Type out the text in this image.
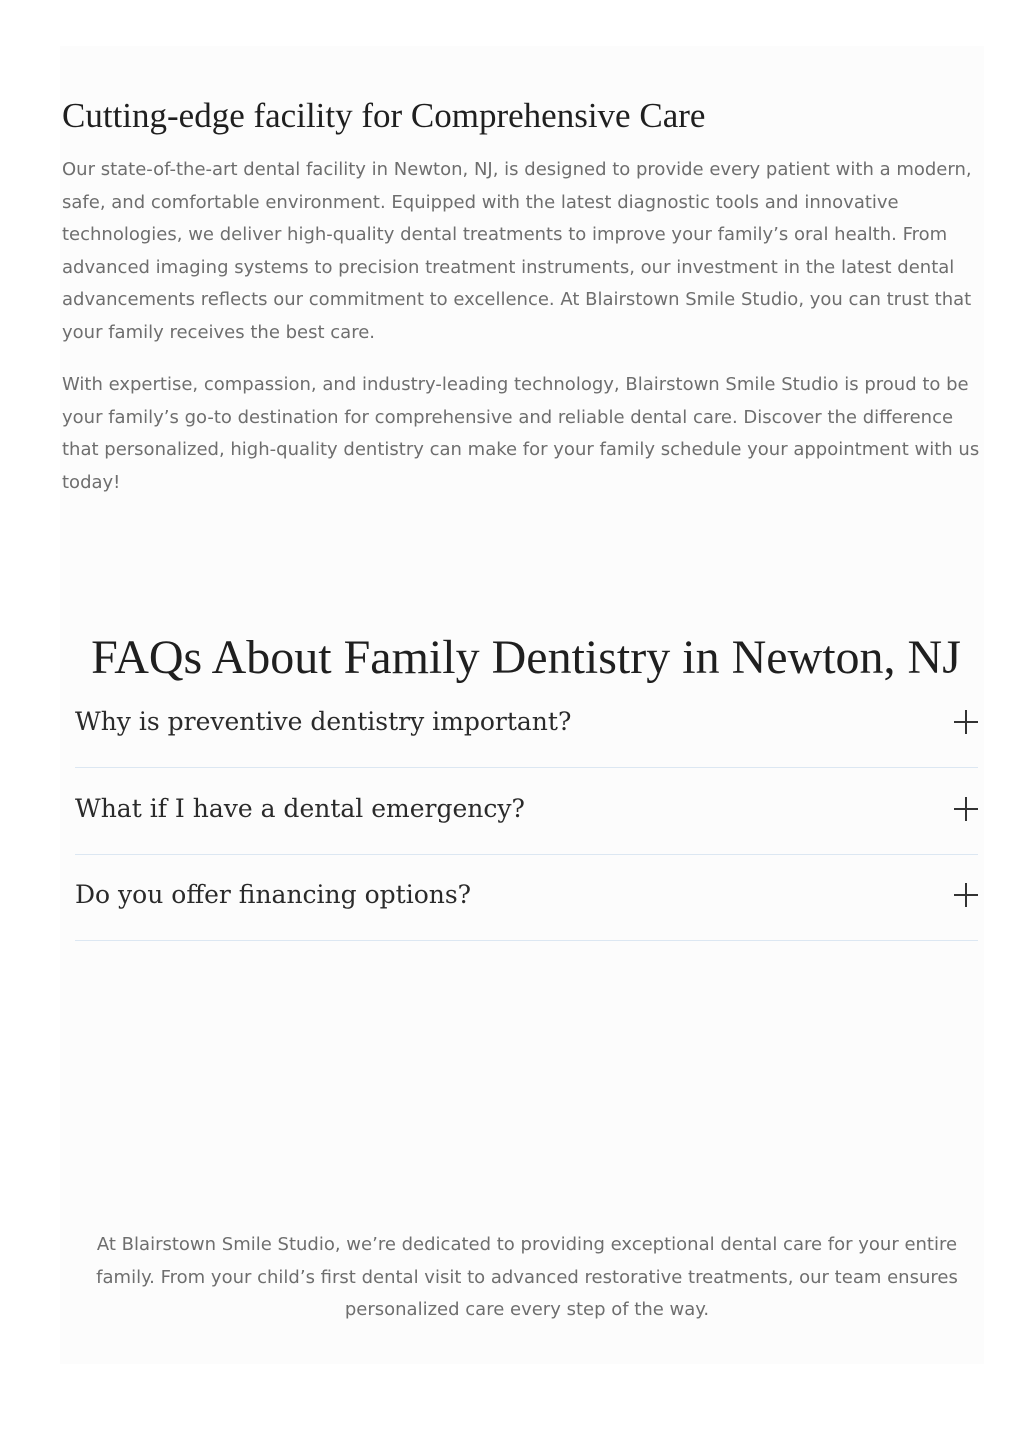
Cutting-edge facility for Comprehensive Care

Our state-of-the-art dental facility in Newton, NJ, is designed to provide every patient with a modern, safe, and comfortable environment. Equipped with the latest diagnostic tools and innovative technologies, we deliver high-quality dental treatments to improve your family’s oral health. From advanced imaging systems to precision treatment instruments, our investment in the latest dental advancements reflects our commitment to excellence. At Blairstown Smile Studio, you can trust that your family receives the best care.

With expertise, compassion, and industry-leading technology, Blairstown Smile Studio is proud to be your family’s go-to destination for comprehensive and reliable dental care. Discover the difference that personalized, high-quality dentistry can make for your family schedule your appointment with us today!

FAQs About Family Dentistry in Newton, NJ
Why is preventive dentistry important?
What if I have a dental emergency?
Do you offer financing options?

At Blairstown Smile Studio, we’re dedicated to providing exceptional dental care for your entire family. From your child’s first dental visit to advanced restorative treatments, our team ensures personalized care every step of the way.
